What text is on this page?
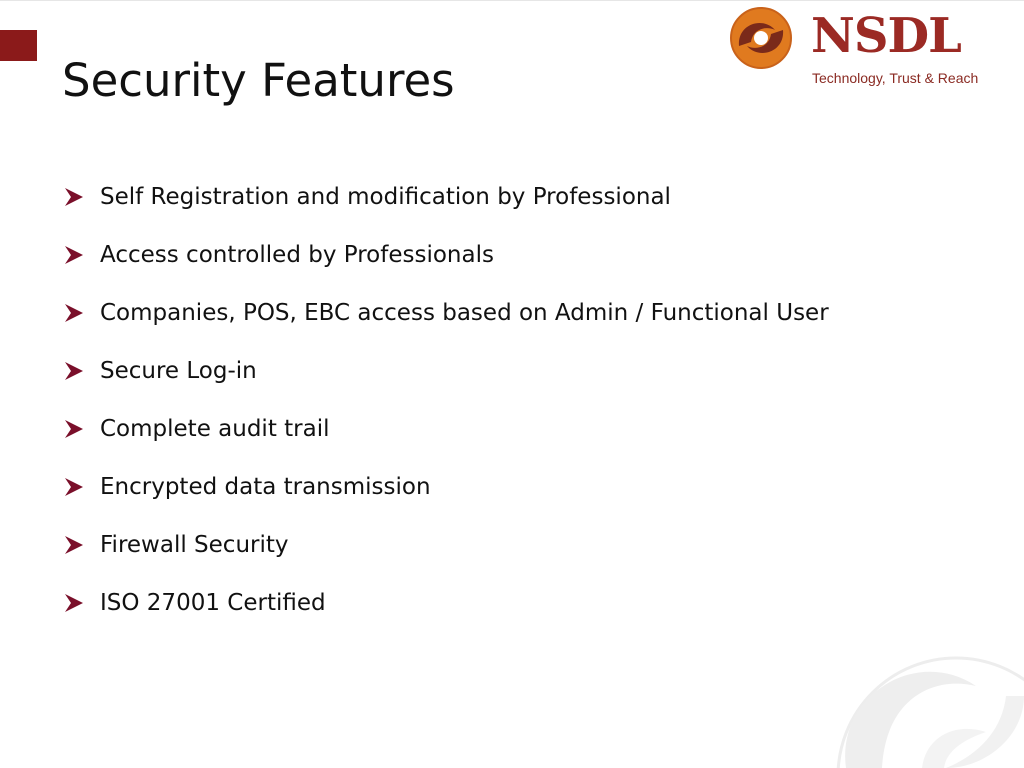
Security Features
NSDL
Technology, Trust & Reach
Self Registration and modification by Professional
Access controlled by Professionals
Companies, POS, EBC access based on Admin / Functional User
Secure Log-in
Complete audit trail
Encrypted data transmission
Firewall Security
ISO 27001 Certified
